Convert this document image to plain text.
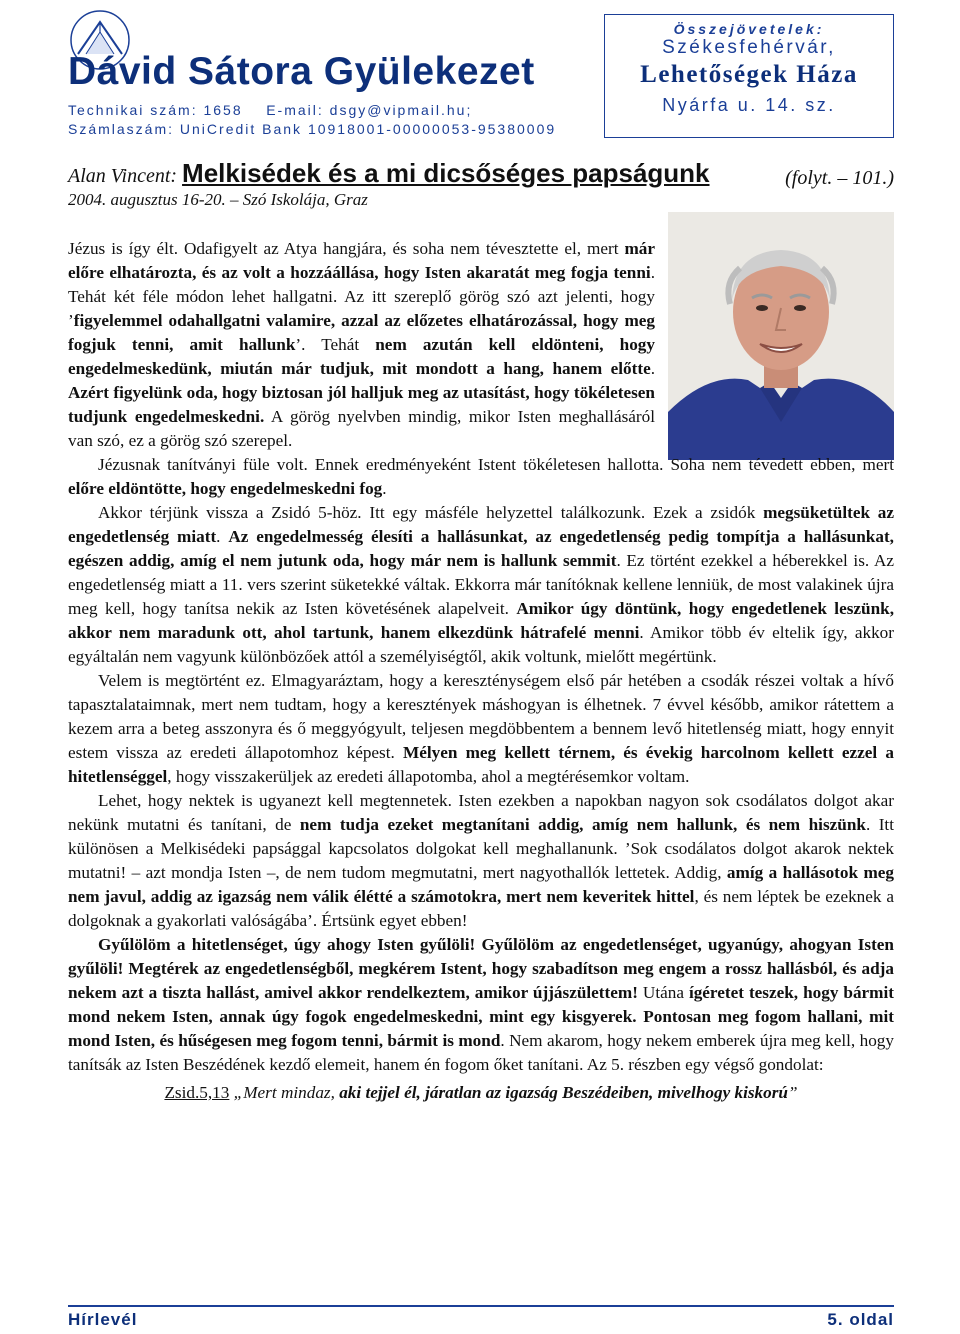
Dávid Sátora Gyülekezet
Technikai szám: 1658 E-mail: dsgy@vipmail.hu;
Számlaszám: UniCredit Bank 10918001-00000053-95380009
Összejövetelek:
Székesfehérvár,
Lehetőségek Háza
Nyárfa u. 14. sz.
Alan Vincent: Melkisédek és a mi dicsőséges papságunk	(folyt. – 101.)
2004. augusztus 16-20. – Szó Iskolája, Graz

Jézus is így élt. Odafigyelt az Atya hangjára, és soha nem tévesztette el, mert már előre elhatározta, és az volt a hozzáállása, hogy Isten akaratát meg fogja tenni. Tehát két féle módon lehet hallgatni. Az itt szereplő görög szó azt jelenti, hogy ’figyelemmel odahallgatni valamire, azzal az előzetes elhatározással, hogy meg fogjuk tenni, amit hallunk’. Tehát nem azután kell eldönteni, hogy engedelmeskedünk, miután már tudjuk, mit mondott a hang, hanem előtte. Azért figyelünk oda, hogy biztosan jól halljuk meg az utasítást, hogy tökéletesen tudjunk engedelmeskedni. A görög nyelvben mindig, mikor Isten meghallásáról van szó, ez a görög szó szerepel.

Jézusnak tanítványi füle volt. Ennek eredményeként Istent tökéletesen hallotta. Soha nem tévedett ebben, mert előre eldöntötte, hogy engedelmeskedni fog.

Akkor térjünk vissza a Zsidó 5-höz. Itt egy másféle helyzettel találkozunk. Ezek a zsidók megsüketültek az engedetlenség miatt. Az engedelmesség élesíti a hallásunkat, az engedetlenség pedig tompítja a hallásunkat, egészen addig, amíg el nem jutunk oda, hogy már nem is hallunk semmit. Ez történt ezekkel a héberekkel is. Az engedetlenség miatt a 11. vers szerint süketekké váltak. Ekkorra már tanítóknak kellene lenniük, de most valakinek újra meg kell, hogy tanítsa nekik az Isten követésének alapelveit. Amikor úgy döntünk, hogy engedetlenek leszünk, akkor nem maradunk ott, ahol tartunk, hanem elkezdünk hátrafelé menni. Amikor több év eltelik így, akkor egyáltalán nem vagyunk különbözőek attól a személyiségtől, akik voltunk, mielőtt megértünk.

Velem is megtörtént ez. Elmagyaráztam, hogy a kereszténységem első pár hetében a csodák részei voltak a hívő tapasztalataimnak, mert nem tudtam, hogy a keresztények máshogyan is élhetnek. 7 évvel később, amikor rátettem a kezem arra a beteg asszonyra és ő meggyógyult, teljesen megdöbbentem a bennem levő hitetlenség miatt, hogy ennyit estem vissza az eredeti állapotomhoz képest. Mélyen meg kellett térnem, és évekig harcolnom kellett ezzel a hitetlenséggel, hogy visszakerüljek az eredeti állapotomba, ahol a megtérésemkor voltam.

Lehet, hogy nektek is ugyanezt kell megtennetek. Isten ezekben a napokban nagyon sok csodálatos dolgot akar nekünk mutatni és tanítani, de nem tudja ezeket megtanítani addig, amíg nem hallunk, és nem hiszünk. Itt különösen a Melkisédeki papsággal kapcsolatos dolgokat kell meghallanunk. ’Sok csodálatos dolgot akarok nektek mutatni! – azt mondja Isten –, de nem tudom megmutatni, mert nagyothallók lettetek. Addig, amíg a hallásotok meg nem javul, addig az igazság nem válik élétté a számotokra, mert nem keveritek hittel, és nem léptek be ezeknek a dolgoknak a gyakorlati valóságába’. Értsünk egyet ebben!

Gyűlölöm a hitetlenséget, úgy ahogy Isten gyűlöli! Gyűlölöm az engedetlenséget, ugyanúgy, ahogyan Isten gyűlöli! Megtérek az engedetlenségből, megkérem Istent, hogy szabadítson meg engem a rossz hallásból, és adja nekem azt a tiszta hallást, amivel akkor rendelkeztem, amikor újjászülettem! Utána ígéretet teszek, hogy bármit mond nekem Isten, annak úgy fogok engedelmeskedni, mint egy kisgyerek. Pontosan meg fogom hallani, mit mond Isten, és hűségesen meg fogom tenni, bármit is mond. Nem akarom, hogy nekem emberek újra meg kell, hogy tanítsák az Isten Beszédének kezdő elemeit, hanem én fogom őket tanítani. Az 5. részben egy végső gondolat:

Zsid.5,13 „Mert mindaz, aki tejjel él, járatlan az igazság Beszédeiben, mivelhogy kiskorú”

Hírlevél	5. oldal
